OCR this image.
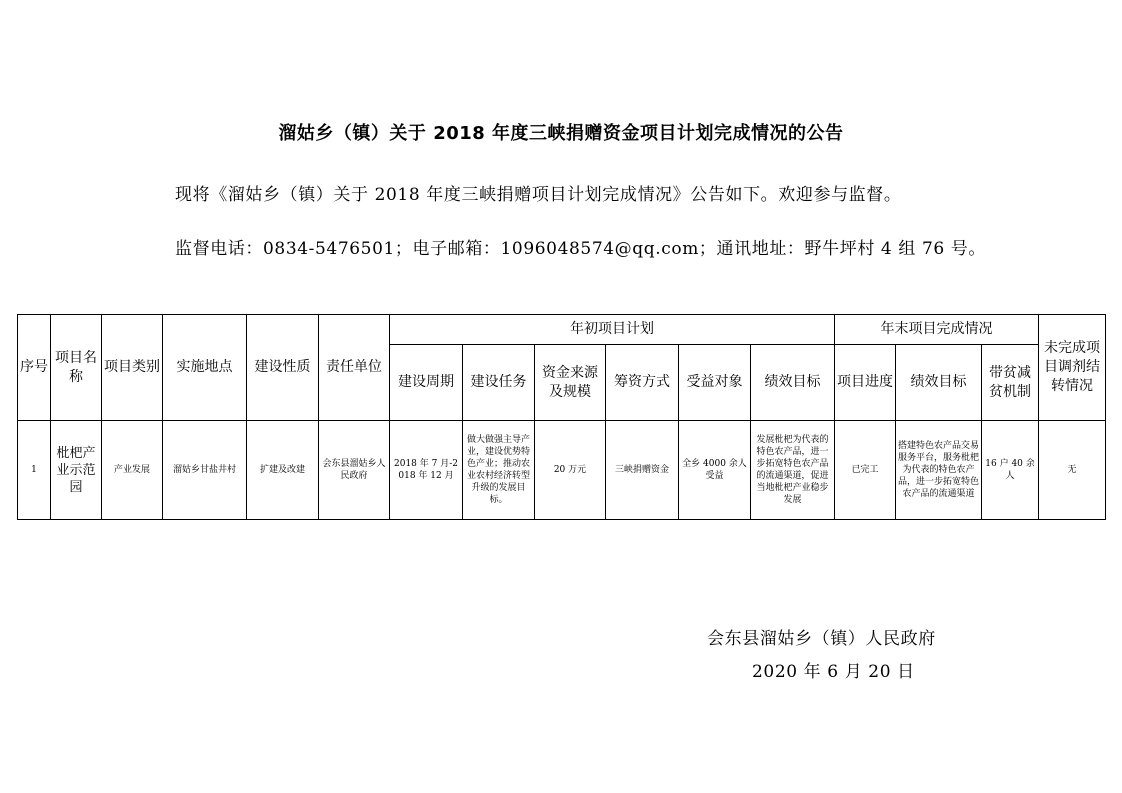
溜姑乡（镇）关于 2018 年度三峡捐赠资金项目计划完成情况的公告
现将《溜姑乡（镇）关于 2018 年度三峡捐赠项目计划完成情况》公告如下。欢迎参与监督。
监督电话：0834-5476501；电子邮箱：1096048574@qq.com；通讯地址：野牛坪村 4 组 76 号。
序号	项目名称	项目类别	实施地点	建设性质	责任单位	年初项目计划						年末项目完成情况			未完成项目调剂结转情况
						建设周期	建设任务	资金来源及规模	筹资方式	受益对象	绩效目标	项目进度	绩效目标	带贫减贫机制	
1	枇杷产业示范园	产业发展	溜姑乡甘盐井村	扩建及改建	会东县溜姑乡人民政府	2018 年 7 月-2018 年 12 月	做大做强主导产业，建设优势特色产业；推动农业农村经济转型升级的发展目标。	20 万元	三峡捐赠资金	全乡 4000 余人受益	发展枇杷为代表的特色农产品，进一步拓宽特色农产品的流通渠道，促进当地枇杷产业稳步发展	已完工	搭建特色农产品交易服务平台，服务枇杷为代表的特色农产品，进一步拓宽特色农产品的流通渠道	16 户 40 余人	无
会东县溜姑乡（镇）人民政府
2020 年 6 月 20 日
